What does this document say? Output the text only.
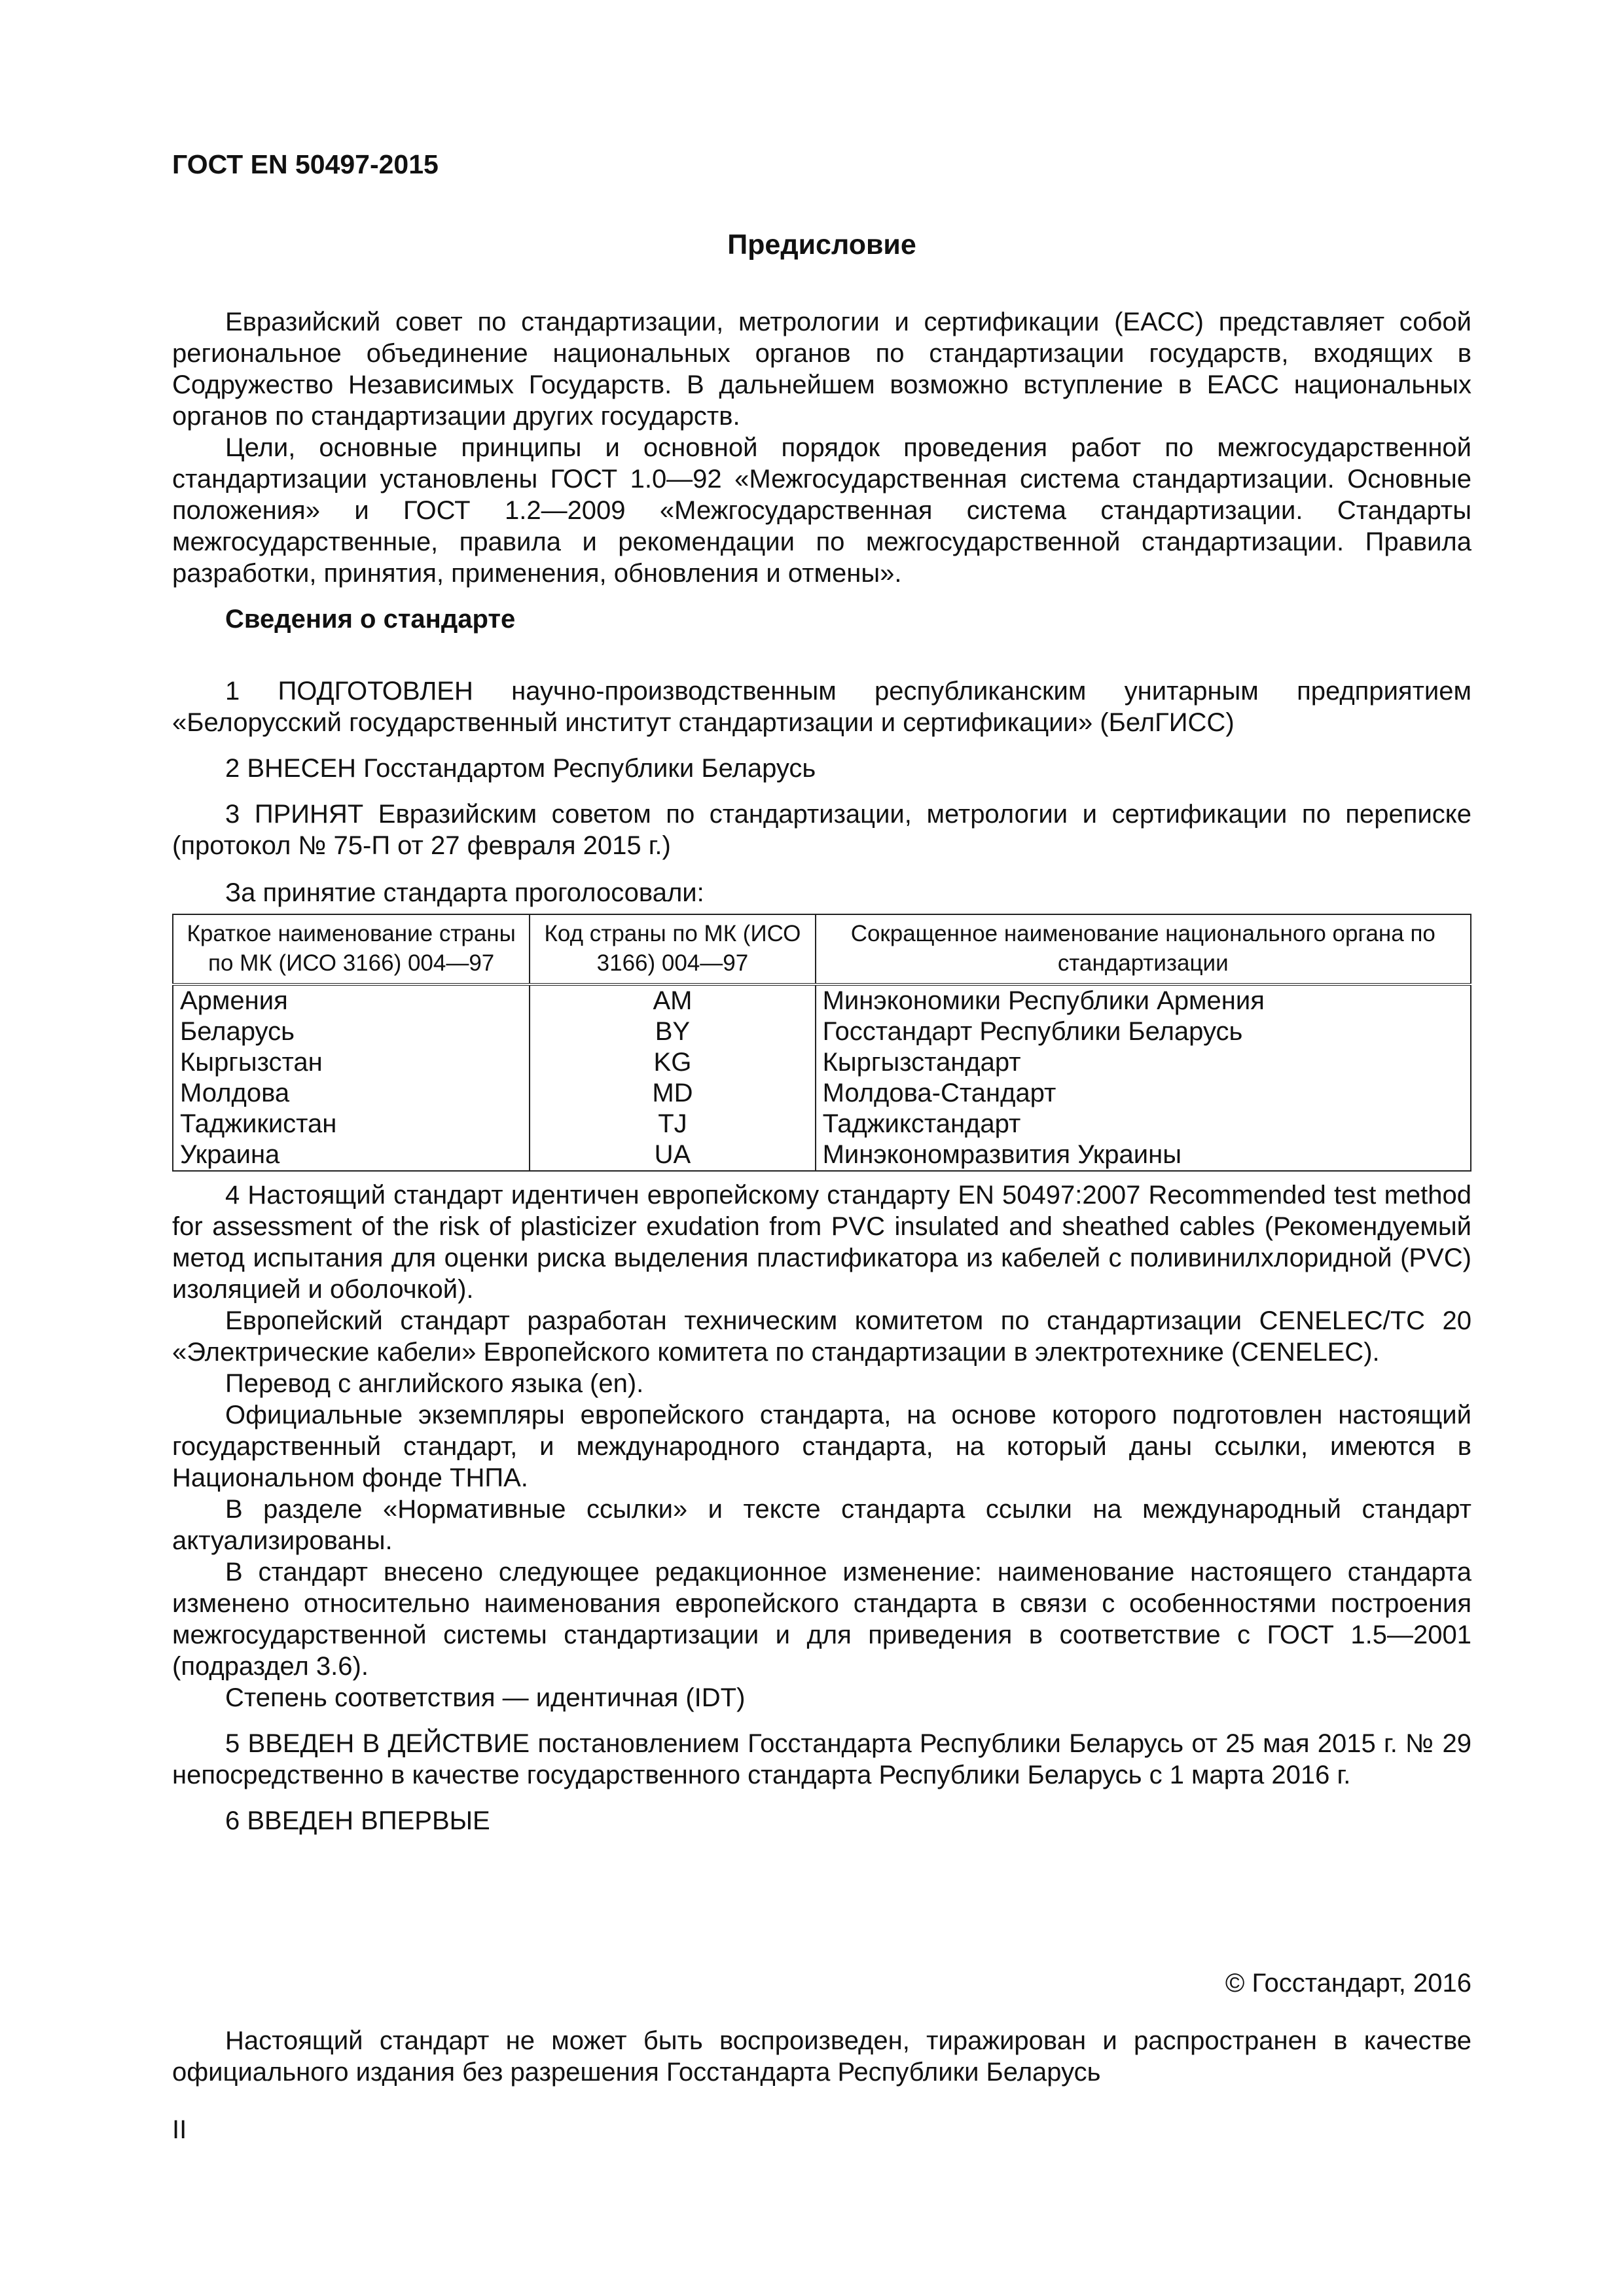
ГОСТ EN 50497-2015

Предисловие

Евразийский совет по стандартизации, метрологии и сертификации (ЕАСС) представляет собой региональное объединение национальных органов по стандартизации государств, входящих в Содружество Независимых Государств. В дальнейшем возможно вступление в ЕАСС национальных органов по стандартизации других государств.

Цели, основные принципы и основной порядок проведения работ по межгосударственной стандартизации установлены ГОСТ 1.0—92 «Межгосударственная система стандартизации. Основные положения» и ГОСТ 1.2—2009 «Межгосударственная система стандартизации. Стандарты межгосударственные, правила и рекомендации по межгосударственной стандартизации. Правила разработки, принятия, применения, обновления и отмены».

Сведения о стандарте

1 ПОДГОТОВЛЕН научно-производственным республиканским унитарным предприятием «Белорусский государственный институт стандартизации и сертификации» (БелГИСС)

2 ВНЕСЕН Госстандартом Республики Беларусь

3 ПРИНЯТ Евразийским советом по стандартизации, метрологии и сертификации по переписке (протокол № 75-П от 27 февраля 2015 г.)

За принятие стандарта проголосовали:

Краткое наименование страны по МК (ИСО 3166) 004—97	Код страны по МК (ИСО 3166) 004—97	Сокращенное наименование национального органа по стандартизации
Армения	AM	Минэкономики Республики Армения
Беларусь	BY	Госстандарт Республики Беларусь
Кыргызстан	KG	Кыргызстандарт
Молдова	MD	Молдова-Стандарт
Таджикистан	TJ	Таджикстандарт
Украина	UA	Минэкономразвития Украины

4 Настоящий стандарт идентичен европейскому стандарту EN 50497:2007 Recommended test method for assessment of the risk of plasticizer exudation from PVC insulated and sheathed cables (Рекомендуемый метод испытания для оценки риска выделения пластификатора из кабелей с поливинилхлоридной (PVC) изоляцией и оболочкой).

Европейский стандарт разработан техническим комитетом по стандартизации CENELEC/TC 20 «Электрические кабели» Европейского комитета по стандартизации в электротехнике (CENELEC).

Перевод с английского языка (en).

Официальные экземпляры европейского стандарта, на основе которого подготовлен настоящий государственный стандарт, и международного стандарта, на который даны ссылки, имеются в Национальном фонде ТНПА.

В разделе «Нормативные ссылки» и тексте стандарта ссылки на международный стандарт актуализированы.

В стандарт внесено следующее редакционное изменение: наименование настоящего стандарта изменено относительно наименования европейского стандарта в связи с особенностями построения межгосударственной системы стандартизации и для приведения в соответствие с ГОСТ 1.5—2001 (подраздел 3.6).

Степень соответствия — идентичная (IDT)

5 ВВЕДЕН В ДЕЙСТВИЕ постановлением Госстандарта Республики Беларусь от 25 мая 2015 г. № 29 непосредственно в качестве государственного стандарта Республики Беларусь с 1 марта 2016 г.

6 ВВЕДЕН ВПЕРВЫЕ

© Госстандарт, 2016

Настоящий стандарт не может быть воспроизведен, тиражирован и распространен в качестве официального издания без разрешения Госстандарта Республики Беларусь

II
